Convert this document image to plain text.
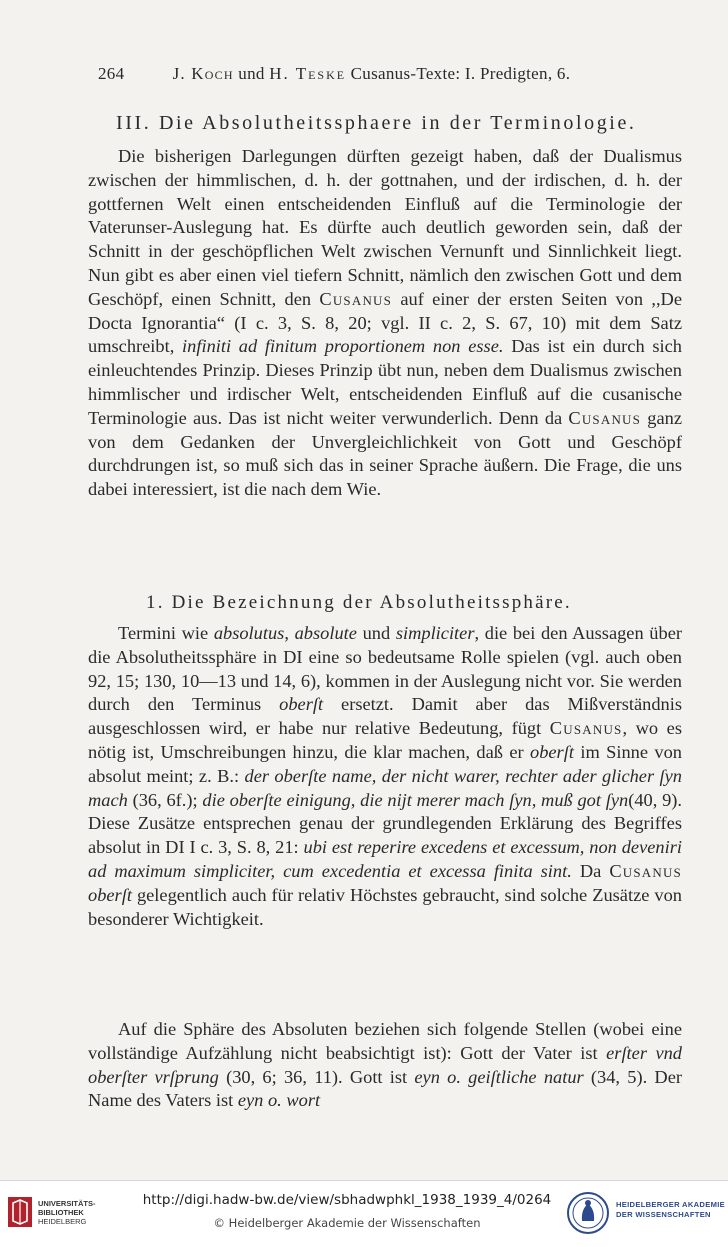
264	J. Koch und H. Teske Cusanus-Texte: I. Predigten, 6.
III. Die Absolutheitssphaere in der Terminologie.

Die bisherigen Darlegungen dürften gezeigt haben, daß der Dualismus zwischen der himmlischen, d. h. der gottnahen, und der irdischen, d. h. der gottfernen Welt einen entscheidenden Einfluß auf die Terminologie der Vaterunser-Auslegung hat. Es dürfte auch deutlich geworden sein, daß der Schnitt in der geschöpflichen Welt zwischen Vernunft und Sinnlichkeit liegt. Nun gibt es aber einen viel tiefern Schnitt, nämlich den zwischen Gott und dem Geschöpf, einen Schnitt, den Cusanus auf einer der ersten Seiten von ,,De Docta Ignorantia“ (I c. 3, S. 8, 20; vgl. II c. 2, S. 67, 10) mit dem Satz umschreibt, infiniti ad finitum proportionem non esse. Das ist ein durch sich einleuchtendes Prinzip. Dieses Prinzip übt nun, neben dem Dualismus zwischen himmlischer und irdischer Welt, entscheidenden Einfluß auf die cusanische Terminologie aus. Das ist nicht weiter verwunderlich. Denn da Cusanus ganz von dem Gedanken der Unvergleichlichkeit von Gott und Geschöpf durchdrungen ist, so muß sich das in seiner Sprache äußern. Die Frage, die uns dabei interessiert, ist die nach dem Wie.

1. Die Bezeichnung der Absolutheitssphäre.

Termini wie absolutus, absolute und simpliciter, die bei den Aussagen über die Absolutheitssphäre in DI eine so bedeutsame Rolle spielen (vgl. auch oben 92, 15; 130, 10—13 und 14, 6), kommen in der Auslegung nicht vor. Sie werden durch den Terminus oberſt ersetzt. Damit aber das Mißverständnis ausgeschlossen wird, er habe nur relative Bedeutung, fügt Cusanus, wo es nötig ist, Umschreibungen hinzu, die klar machen, daß er oberſt im Sinne von absolut meint; z. B.: der oberſte name, der nicht warer, rechter ader glicher ſyn mach (36, 6f.); die oberſte einigung, die nijt merer mach ſyn, muß got ſyn(40, 9). Diese Zusätze entsprechen genau der grundlegenden Erklärung des Begriffes absolut in DI I c. 3, S. 8, 21: ubi est reperire excedens et excessum, non deveniri ad maximum simpliciter, cum excedentia et excessa finita sint. Da Cusanus oberſt gelegentlich auch für relativ Höchstes gebraucht, sind solche Zusätze von besonderer Wichtigkeit.

Auf die Sphäre des Absoluten beziehen sich folgende Stellen (wobei eine vollständige Aufzählung nicht beabsichtigt ist): Gott der Vater ist erſter vnd oberſter vrſprung (30, 6; 36, 11). Gott ist eyn o. geiſtliche natur (34, 5). Der Name des Vaters ist eyn o. wort

UNIVERSITÄTS-
BIBLIOTHEK
HEIDELBERG
http://digi.hadw-bw.de/view/sbhadwphkl_1938_1939_4/0264
© Heidelberger Akademie der Wissenschaften
HEIDELBERGER AKADEMIE
DER WISSENSCHAFTEN
